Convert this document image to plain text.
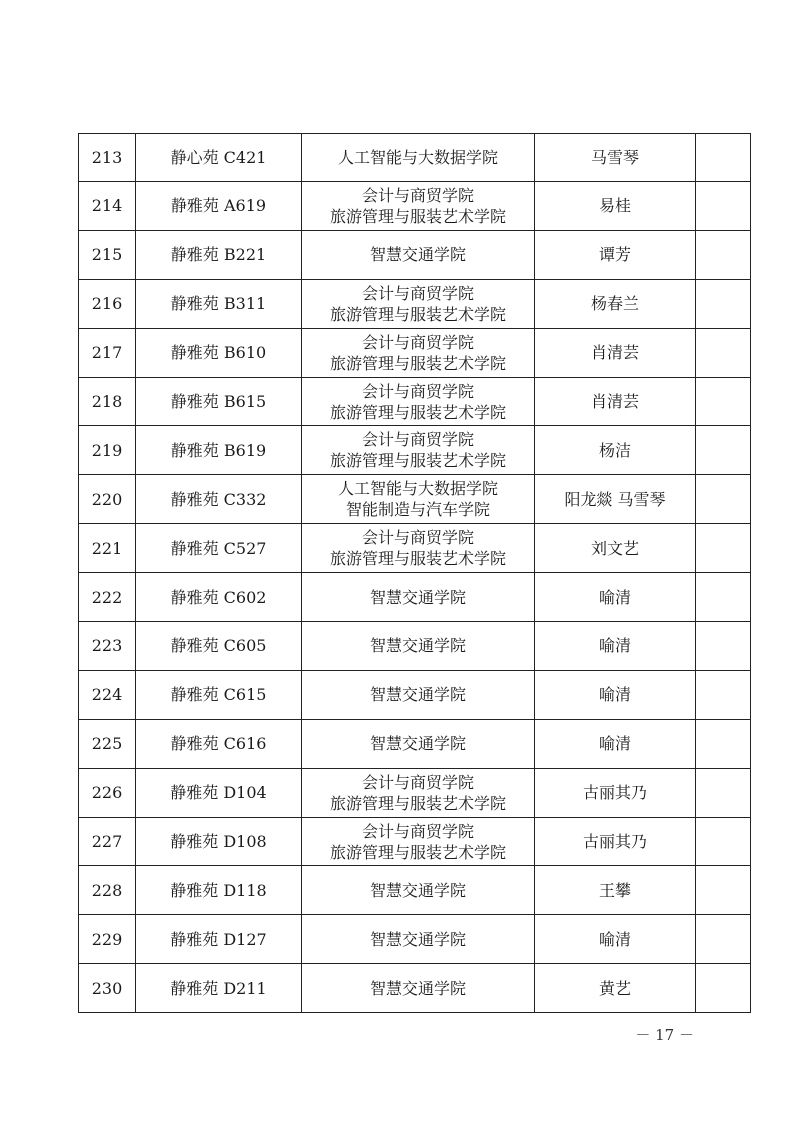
213	静心苑 C421	人工智能与大数据学院	马雪琴	
214	静雅苑 A619	会计与商贸学院
旅游管理与服装艺术学院	易桂	
215	静雅苑 B221	智慧交通学院	谭芳	
216	静雅苑 B311	会计与商贸学院
旅游管理与服装艺术学院	杨春兰	
217	静雅苑 B610	会计与商贸学院
旅游管理与服装艺术学院	肖清芸	
218	静雅苑 B615	会计与商贸学院
旅游管理与服装艺术学院	肖清芸	
219	静雅苑 B619	会计与商贸学院
旅游管理与服装艺术学院	杨洁	
220	静雅苑 C332	人工智能与大数据学院
智能制造与汽车学院	阳龙燚 马雪琴	
221	静雅苑 C527	会计与商贸学院
旅游管理与服装艺术学院	刘文艺	
222	静雅苑 C602	智慧交通学院	喻清	
223	静雅苑 C605	智慧交通学院	喻清	
224	静雅苑 C615	智慧交通学院	喻清	
225	静雅苑 C616	智慧交通学院	喻清	
226	静雅苑 D104	会计与商贸学院
旅游管理与服装艺术学院	古丽其乃	
227	静雅苑 D108	会计与商贸学院
旅游管理与服装艺术学院	古丽其乃	
228	静雅苑 D118	智慧交通学院	王攀	
229	静雅苑 D127	智慧交通学院	喻清	
230	静雅苑 D211	智慧交通学院	黄艺	
－ 17 －
